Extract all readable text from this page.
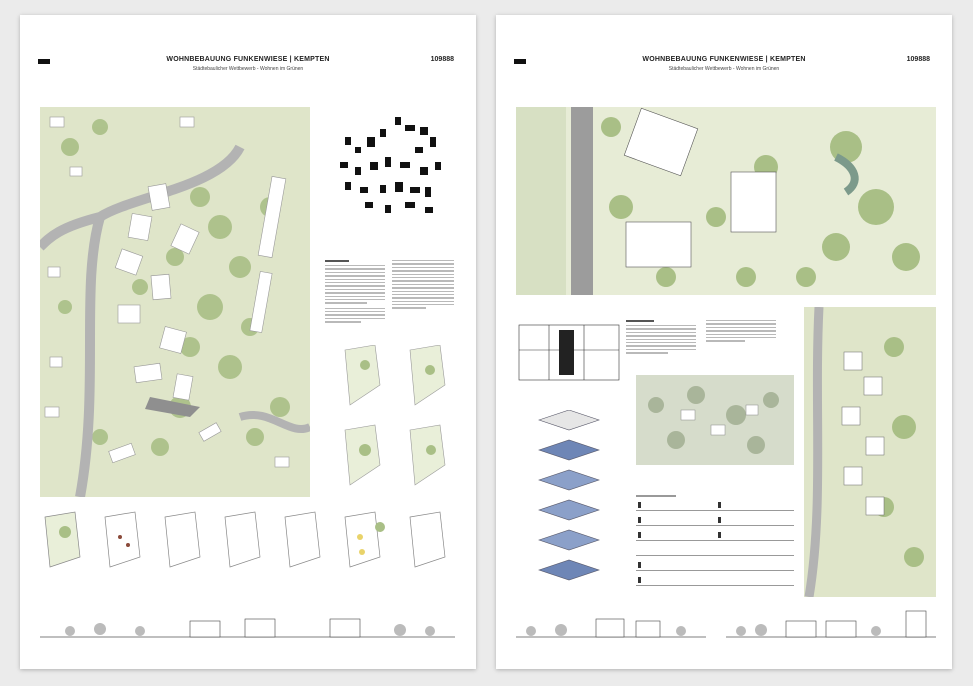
WOHNBEBAUUNG FUNKENWIESE | KEMPTEN
Städtebaulicher Wettbewerb - Wohnen im Grünen
109888	WOHNBEBAUUNG FUNKENWIESE | KEMPTEN
Städtebaulicher Wettbewerb - Wohnen im Grünen
109888
